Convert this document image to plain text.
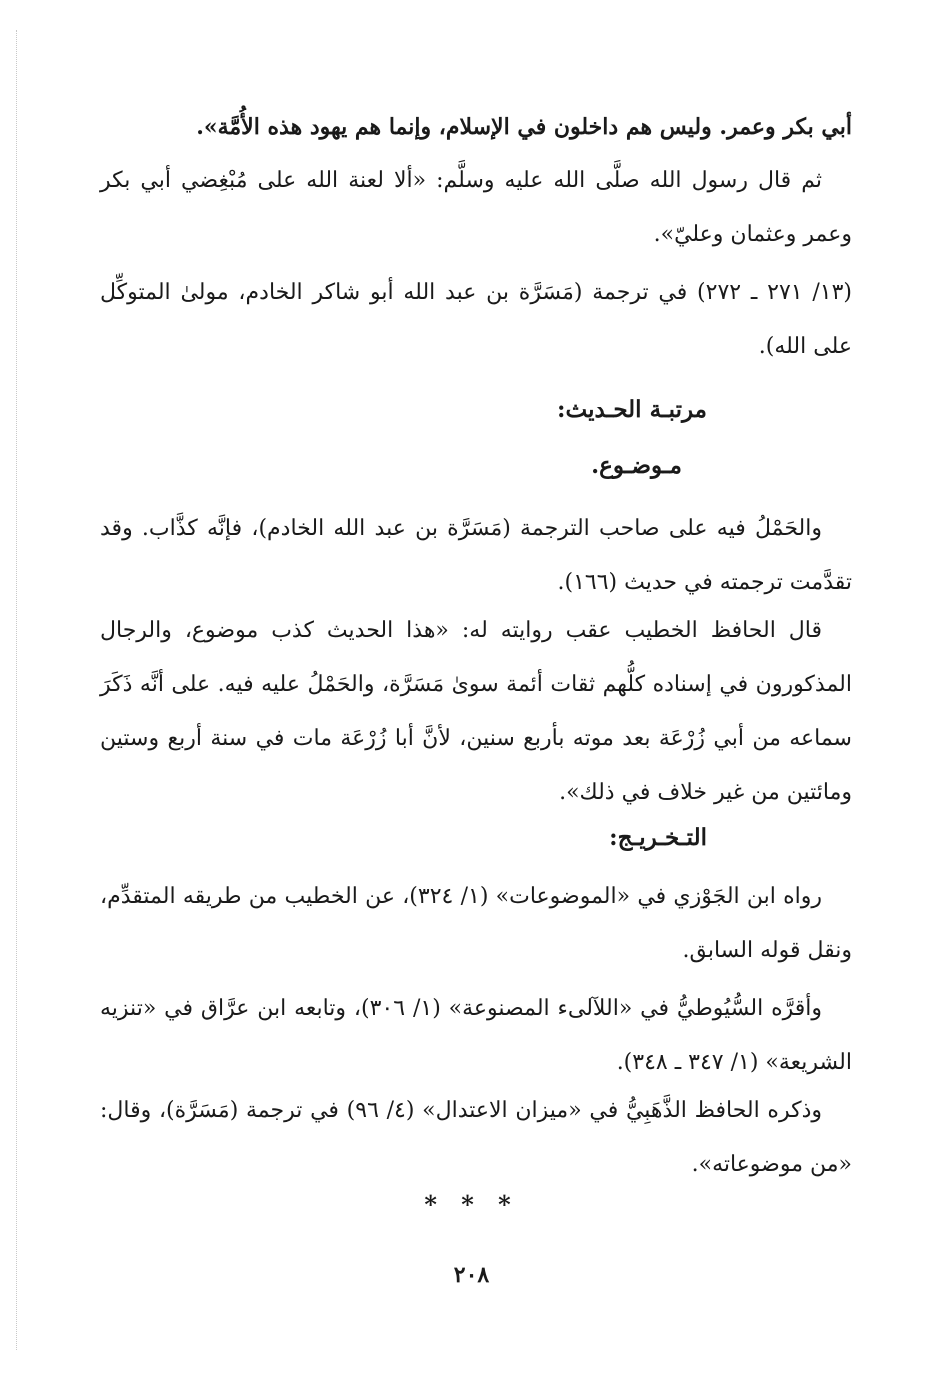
أبي بكر وعمر. وليس هم داخلون في الإسلام، وإنما هم يهود هذه الأُمَّة».

ثم قال رسول الله صلَّى الله عليه وسلَّم: «ألا لعنة الله على مُبْغِضي أبي بكر وعمر وعثمان وعليّ».

(١٣/ ٢٧١ ـ ٢٧٢) في ترجمة (مَسَرَّة بن عبد الله أبو شاكر الخادم، مولىٰ المتوكِّل على الله).

مرتبـة الحـديث:
مـوضـوع.

والحَمْلُ فيه على صاحب الترجمة (مَسَرَّة بن عبد الله الخادم)، فإنَّه كذَّاب. وقد تقدَّمت ترجمته في حديث (١٦٦).

قال الحافظ الخطيب عقب روايته له: «هذا الحديث كذب موضوع، والرجال المذكورون في إسناده كلُّهم ثقات أئمة سوىٰ مَسَرَّة، والحَمْلُ عليه فيه. على أنَّه ذَكَرَ سماعه من أبي زُرْعَة بعد موته بأربع سنين، لأنَّ أبا زُرْعَة مات في سنة أربع وستين ومائتين من غير خلاف في ذلك».

التـخـريـج:

رواه ابن الجَوْزي في «الموضوعات» (١/ ٣٢٤)، عن الخطيب من طريقه المتقدِّم، ونقل قوله السابق.

وأقرَّه السُّيُوطيُّ في «اللآلىء المصنوعة» (١/ ٣٠٦)، وتابعه ابن عرَّاق في «تنزيه الشريعة» (١/ ٣٤٧ ـ ٣٤٨).

وذكره الحافظ الذَّهَبِيُّ في «ميزان الاعتدال» (٤/ ٩٦) في ترجمة (مَسَرَّة)، وقال: «من موضوعاته».

* * *
٢٠٨
